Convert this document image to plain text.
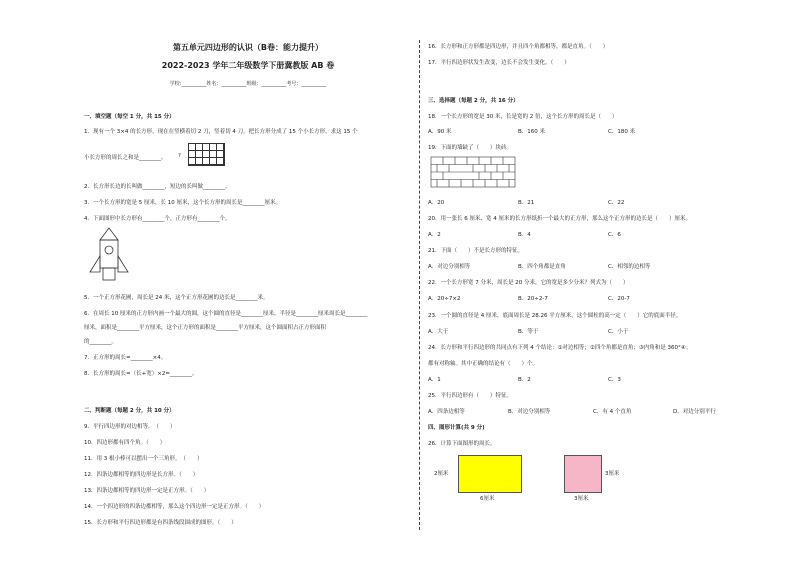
第五单元四边形的认识（B卷：能力提升）
2022-2023 学年二年级数学下册冀教版 AB 卷
学校:__________姓名：__________班级：__________考号：__________
一、填空题（每空 1 分，共 15 分）
1．现有一个 3×4 的长方形，现在在竖横着切 2 刀，竖着切 4 刀，把长方形分成了 15 个小长方形，求这 15 个
小长方形的周长之和是________。 ?
2．长方形长边的长叫做________，短边的长叫做________。
3．一个长方形的宽是 5 厘米，长 10 厘米，这个长方形的周长是________厘米。
4．下面图形中长方形有________个，正方形有________个。
5．一个正方形花圃，周长是 24 米，这个正方形花圃的边长是________米。
6．在周长 10 厘米的正方形内画一个最大的圆，这个圆的直径是________厘米，半径是________厘米周长是________
厘米，面积是________平方厘米，这个正方形的面积是________平方厘米，这个圆面积占正方形面积
的________。
7．正方形的周长=________×4。
8．长方形的周长=（长+宽）×2=________。
二、判断题（每题 2 分，共 10 分）
9．平行四边形的对边相等。　（　　）
10．四边形都有四个角。（　　）
11．用 3 根小棒可以摆出一个三角形。　（　　）
12．四条边都相等的四边形是长方形。（　　）
13．四条边都相等的四边形一定是正方形。（　　）
14．一个四边形的四条边都相等，那么这个四边形一定是正方形。（　　）
15．长方形和平行四边形都是有四条线段围成的图形。（　　）
16．长方形和正方形都是四边形，并且四个角都相等，都是直角。（　　）
17．平行四边形状发生改变，边长不会发生变化。（　　）
三、选择题（每题 2 分，共 16 分）
18．一个长方形的宽是 30 米，长是宽的 2 倍，这个长方形的周长是（　　）
A．90 米	B．160 米	C．180 米
19．下面的墙缺了（　　）块砖。
A．20	B．21	C．22
20．用一张长 6 厘米、宽 4 厘米的长方形纸折一个最大的正方形，那么这个正方形的边长是（　　）厘米。
A．2	B．4	C．6
21．下面（　　）不是长方形的特征。
A．对边分别相等	B．四个角都是直角	C．相邻的边相等
22．一个长方形宽 7 分米，周长是 20 分米，它的宽是多少分米？列式为（　　）
A．20÷7×2	B．20÷2-7	C．20-7
23．一个圆的直径是 4 厘米，底面周长是 28.26 平方厘米，这个圆柱的高一定（　　）它的底面半径。
A．大于	B．等于	C．小于
24．长方形和平行四边形的共同点有下列 4 个结论：①对边相等；②四个角都是直角；③内角和是 360°④；
都有对称轴。其中正确的结论有（　　）个。
A．1	B．2	C．3
25．平行四边形有（　　）特征。
A．四条边相等	B．对边分别相等	C．有 4 个直角	D．对边分别平行
四、图形计算(共 9 分)
26．计算下面图形的周长。
2厘米
6厘米
3厘米
3厘米
